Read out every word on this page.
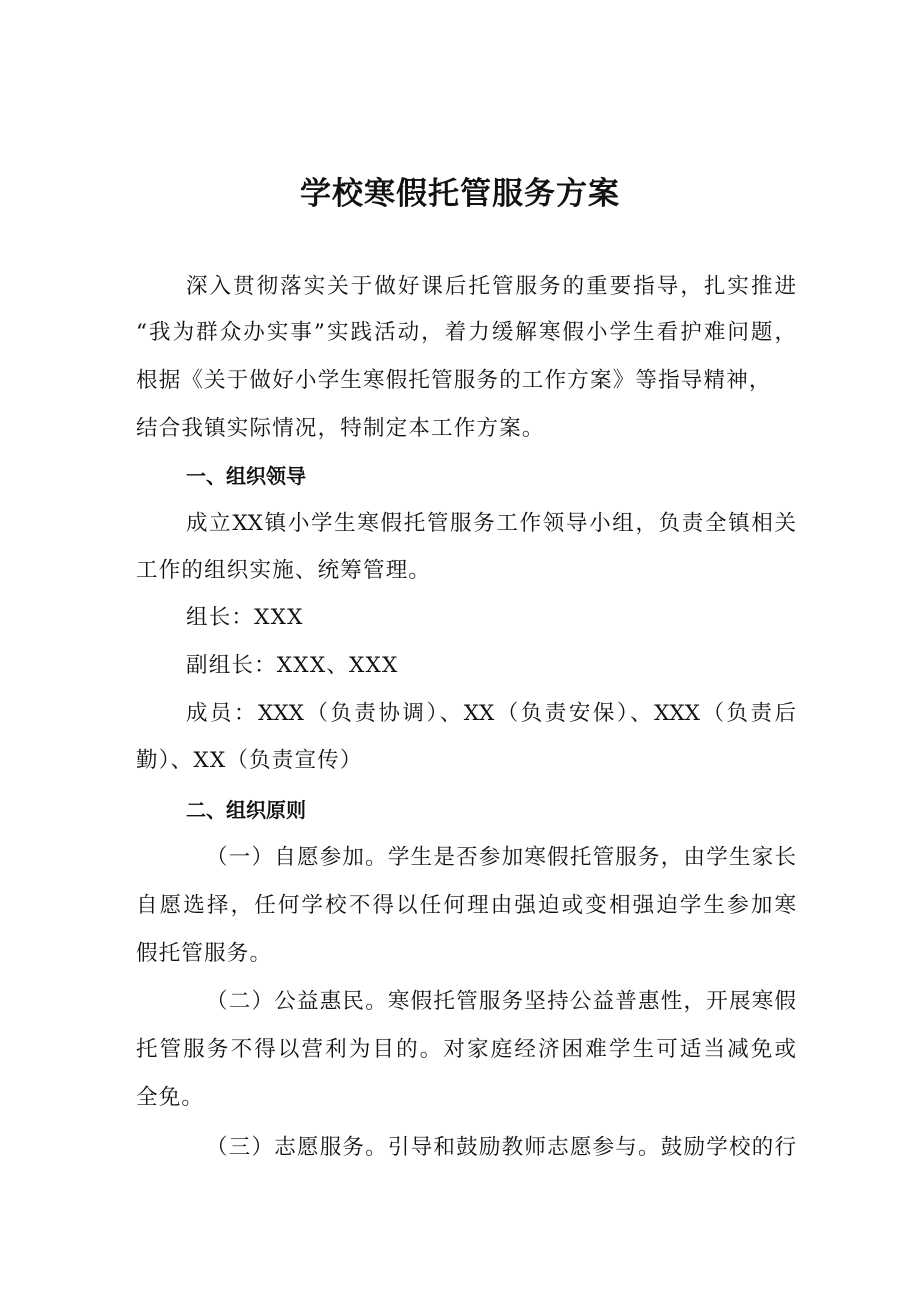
学校寒假托管服务方案
深入贯彻落实关于做好课后托管服务的重要指导，扎实推进
“我为群众办实事”实践活动，着力缓解寒假小学生看护难问题，
根据《关于做好小学生寒假托管服务的工作方案》等指导精神，
结合我镇实际情况，特制定本工作方案。
一、组织领导
成立XX镇小学生寒假托管服务工作领导小组，负责全镇相关
工作的组织实施、统筹管理。
组长：XXX
副组长：XXX、XXX
成员：XXX（负责协调）、XX（负责安保）、XXX（负责后
勤）、XX（负责宣传）
二、组织原则
（一）自愿参加。学生是否参加寒假托管服务，由学生家长
自愿选择，任何学校不得以任何理由强迫或变相强迫学生参加寒
假托管服务。
（二）公益惠民。寒假托管服务坚持公益普惠性，开展寒假
托管服务不得以营利为目的。对家庭经济困难学生可适当减免或
全免。
（三）志愿服务。引导和鼓励教师志愿参与。鼓励学校的行
